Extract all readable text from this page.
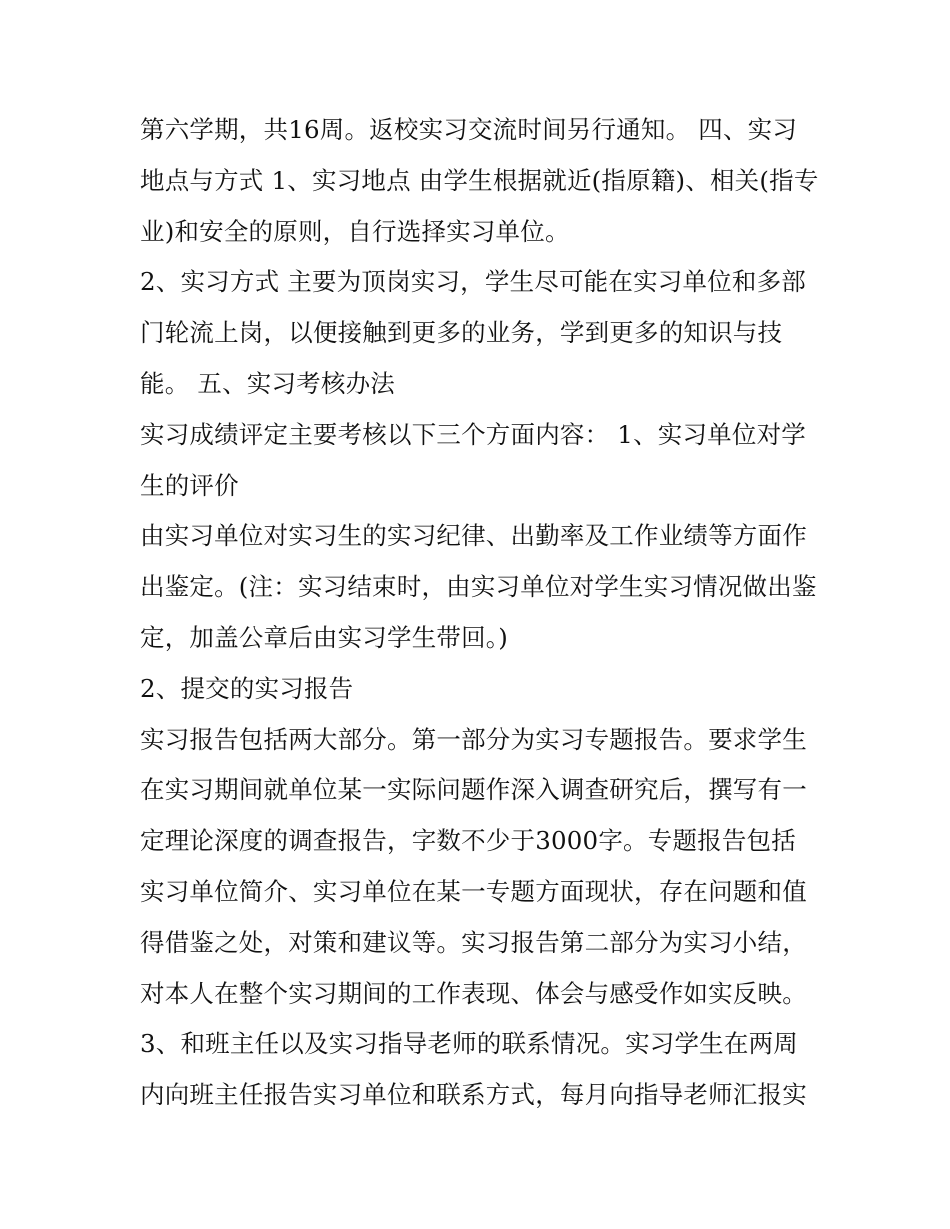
第六学期，共16周。返校实习交流时间另行通知。 四、实习地点与方式 1、实习地点 由学生根据就近(指原籍)、相关(指专业)和安全的原则，自行选择实习单位。

2、实习方式 主要为顶岗实习，学生尽可能在实习单位和多部门轮流上岗，以便接触到更多的业务，学到更多的知识与技能。 五、实习考核办法

实习成绩评定主要考核以下三个方面内容： 1、实习单位对学生的评价

由实习单位对实习生的实习纪律、出勤率及工作业绩等方面作出鉴定。(注：实习结束时，由实习单位对学生实习情况做出鉴定，加盖公章后由实习学生带回。)

2、提交的实习报告

实习报告包括两大部分。第一部分为实习专题报告。要求学生在实习期间就单位某一实际问题作深入调查研究后，撰写有一定理论深度的调查报告，字数不少于3000字。专题报告包括实习单位简介、实习单位在某一专题方面现状，存在问题和值得借鉴之处，对策和建议等。实习报告第二部分为实习小结，对本人在整个实习期间的工作表现、体会与感受作如实反映。

3、和班主任以及实习指导老师的联系情况。实习学生在两周内向班主任报告实习单位和联系方式，每月向指导老师汇报实
